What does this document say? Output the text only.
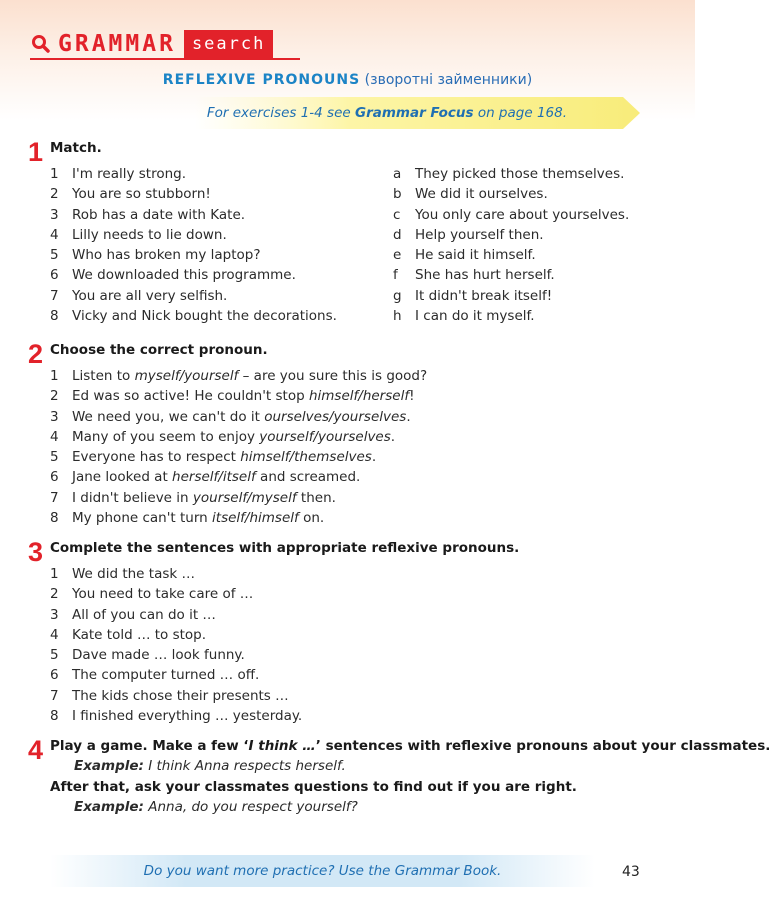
GRAMMAR search
REFLEXIVE PRONOUNS (зворотні займенники)
For exercises 1-4 see Grammar Focus on page 168.
1 Match.
1 I'm really strong.
2 You are so stubborn!
3 Rob has a date with Kate.
4 Lilly needs to lie down.
5 Who has broken my laptop?
6 We downloaded this programme.
7 You are all very selfish.
8 Vicky and Nick bought the decorations.
a They picked those themselves.
b We did it ourselves.
c You only care about yourselves.
d Help yourself then.
e He said it himself.
f She has hurt herself.
g It didn't break itself!
h I can do it myself.
2 Choose the correct pronoun.
1 Listen to myself/yourself – are you sure this is good?
2 Ed was so active! He couldn't stop himself/herself!
3 We need you, we can't do it ourselves/yourselves.
4 Many of you seem to enjoy yourself/yourselves.
5 Everyone has to respect himself/themselves.
6 Jane looked at herself/itself and screamed.
7 I didn't believe in yourself/myself then.
8 My phone can't turn itself/himself on.
3 Complete the sentences with appropriate reflexive pronouns.
1 We did the task …
2 You need to take care of …
3 All of you can do it …
4 Kate told … to stop.
5 Dave made … look funny.
6 The computer turned … off.
7 The kids chose their presents …
8 I finished everything … yesterday.
4 Play a game. Make a few ‘I think …’ sentences with reflexive pronouns about your classmates.
Example: I think Anna respects herself.
After that, ask your classmates questions to find out if you are right.
Example: Anna, do you respect yourself?
Do you want more practice? Use the Grammar Book.	43
